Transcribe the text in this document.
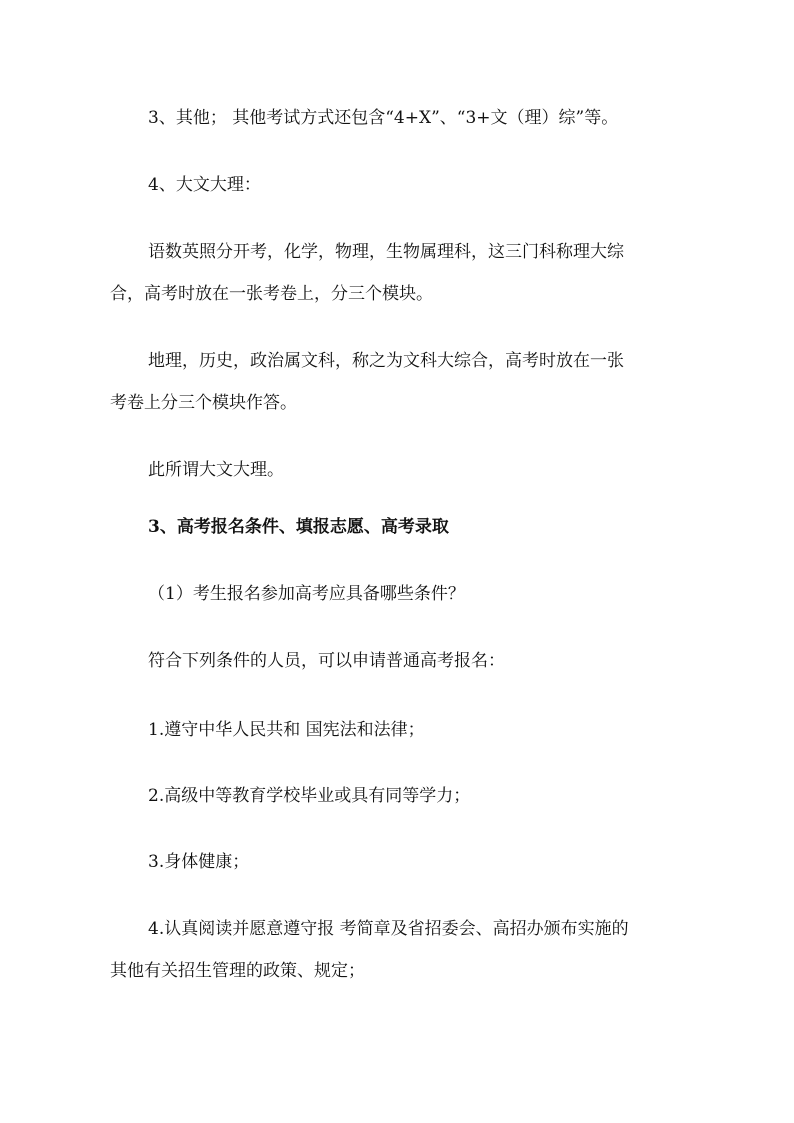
3、其他； 其他考试方式还包含“4+X”、“3+文（理）综”等。
4、大文大理：
语数英照分开考，化学，物理，生物属理科，这三门科称理大综
合，高考时放在一张考卷上，分三个模块。
地理，历史，政治属文科，称之为文科大综合，高考时放在一张
考卷上分三个模块作答。
此所谓大文大理。
3、高考报名条件、填报志愿、高考录取
（1）考生报名参加高考应具备哪些条件？
符合下列条件的人员，可以申请普通高考报名：
1.遵守中华人民共和 国宪法和法律；
2.高级中等教育学校毕业或具有同等学力；
3.身体健康；
4.认真阅读并愿意遵守报 考简章及省招委会、高招办颁布实施的
其他有关招生管理的政策、规定；
